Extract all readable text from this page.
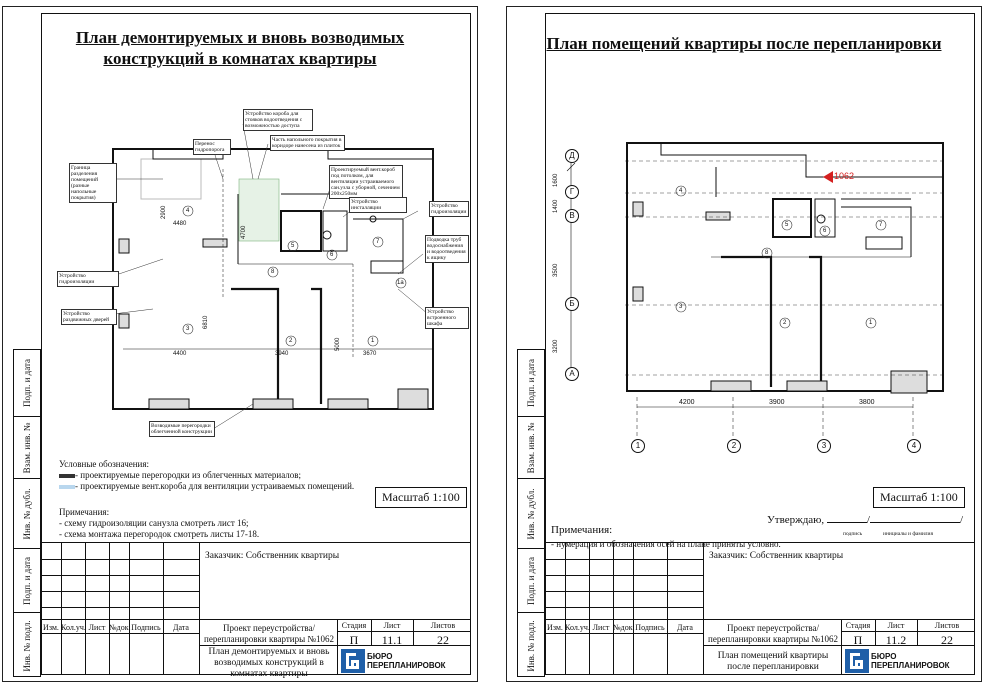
Подп. и дата
Взам. инв. №
Инв. № дубл.
Подп. и дата
Инв. № подл.
План демонтируемых и вновь возводимых
конструкций в комнатах квартиры
Устройство короба для стояков водоотведения с возможностью доступа
Часть напольного покрытия в коридоре нанесена из плиток
Перенос гидропорога
Граница разделения помещений (разные напольные покрытия)
Проектируемый вент.короб под потолком, для вентиляции устраиваемого сан.узла с уборной, сечением 200х250мм
Устройство инсталляции	Устройство гидроизоляции
Подводка труб водоснабжения и водоотведения к ящику
Устройство гидроизоляции
Устройство раздвижных дверей
Устройство встроенного шкафа
Возводимые перегородки облегченной конструкции
4480
2900
4700
6810
4400	3940
5000
3670
4
5
6
7
8
3
2	1
1a
Условные обозначения:
- проектируемые перегородки из облегченных материалов;
- проектируемые вент.короба для вентиляции устраиваемых помещений.
Масштаб 1:100
Примечания:
- схему гидроизоляции санузла смотреть лист 16;
- схема монтажа перегородок смотреть листы 17-18.
Изм. Кол.уч. Лист №док. Подпись	Дата
Заказчик: Собственник квартиры
Проект переустройства/перепланировки квартиры №1062
Стадия	Лист	Листов
П	11.1	22
План демонтируемых и вновь возводимых конструкций в комнатах квартиры
БЮРО
ПЕРЕПЛАНИРОВОК
Подп. и дата
Взам. инв. №
Инв. № дубл.
Подп. и дата
Инв. № подл.
План помещений квартиры после перепланировки
1062
Д
Г
В
Б
А
1600
1400
3500
3200
4200	3900	3800
1	2	3	4
4
5
6
7
8
3
2	1
Масштаб 1:100
Утверждаю,	/	/
подпись	инициалы и фамилия
Примечания:
- нумерация и обозначения осей на плане приняты условно.
Изм. Кол.уч. Лист №док. Подпись	Дата
Заказчик: Собственник квартиры
Проект переустройства/перепланировки квартиры №1062
Стадия	Лист	Листов
П	11.2	22
План помещений квартиры после перепланировки
БЮРО
ПЕРЕПЛАНИРОВОК
